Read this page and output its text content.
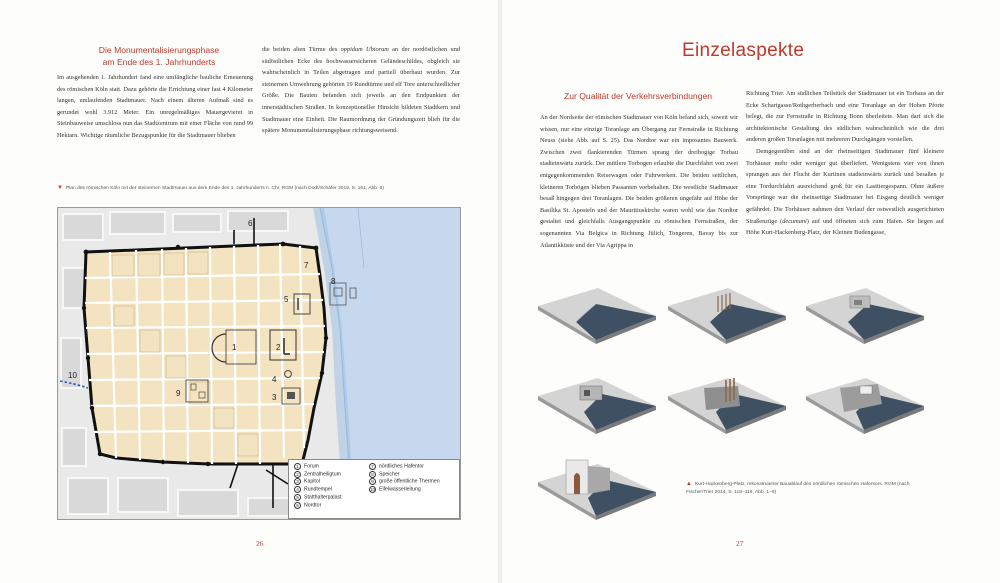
Die Monumentalisierungsphase
am Ende des 1. Jahrhunderts

Im ausgehenden 1. Jahrhundert fand eine umfängliche bauliche Erneuerung des römischen Köln statt. Dazu gehörte die Errichtung einer fast 4 Kilometer langen, umlaufenden Stadtmauer. Nach einem älteren Aufmaß sind es gerundet wohl 3.912 Meter. Ein unregelmäßiges Mauergevieret in Steinbauweise umschloss nun das Stadtzentrum mit einer Fläche von rund 99 Hektarn. Wichtige räumliche Bezugspunkte für die Stadtmauer blieben

die beiden alten Türme des oppidum Ubiorum an der nordöstlichen und südöstlichen Ecke des hochwassersicheren Geländeschildes, obgleich sie wahrscheinlich in Teilen abgetragen und partiell überbaut wurden. Zur steinernen Umwehrung gehörten 19 Rundtürme und elf Tore unterschiedlicher Größe. Die Bauten befanden sich jeweils an den Endpunkten der innerstädtischen Straßen. In konzeptioneller Hinsicht bildeten Stadtkern und Stadtmauer eine Einheit. Die Raumordnung der Gründungszeit blieb für die spätere Monumentalisierungsphase richtungsweisend.

▼ Plan des römischen Köln mit der steinernen Stadtmauer aus dem Ende des 1. Jahrhunderts n. Chr. RGM (nach Dodt/Schäfer 2019, S. 161, Abb. 5)
1	2
3
4
5
6
7
8
9
10
1 Forum
2 Zentralheiligtum
3 Kapitol
4 Rundtempel
5 Statthalterpalast
6 Nordtor
7 nördliches Hafentor
8 Speicher
9 große öffentliche Thermen
10 Eifelwasserleitung
26
Einzelaspekte
Zur Qualität der Verkehrsverbindungen

An der Nordseite der römischen Stadtmauer von Köln befand sich, soweit wir wissen, nur eine einzige Toranlage am Übergang zur Fernstraße in Richtung Neuss (siehe Abb. auf S. 25). Das Nordtor war ein imposantes Bauwerk. Zwischen zwei flankierenden Türmen sprang der dreibogige Torbau stadteinwärts zurück. Der mittlere Torbogen erlaubte die Durchfahrt von zwei entgegenkommenden Reisewagen oder Fuhrwerken. Die beiden seitlichen, kleineren Torbögen blieben Passanten vorbehalten. Die westliche Stadtmauer besaß hingegen drei Toranlagen. Die beiden größeren ungefähr auf Höhe der Basilika St. Aposteln und der Mauritiuskirche waren wohl wie das Nordtor gestaltet und gleichfalls Ausgangspunkte zu römischen Fernstraßen, der sogenannten Via Belgica in Richtung Jülich, Tongeren, Bavay bis zur Atlantikküste und der Via Agrippa in

Richtung Trier. Am südlichen Teilstück der Stadtmauer ist ein Torhaus an der Ecke Schartgasse/Rothgerberbach und eine Toranlage an der Hohen Pforte belegt, die zur Fernstraße in Richtung Bonn überleitete. Man darf sich die architektonische Gestaltung des südlichen wahrscheinlich wie die drei anderen großen Toranlagen mit mehreren Durchgängen vorstellen.

Demgegenüber sind an der rheinseitigen Stadtmauer fünf kleinere Torhäuser mehr oder weniger gut überliefert. Wenigstens vier von ihnen sprangen aus der Flucht der Kurtinen stadteinwärts zurück und besaßen je eine Tordurchfahrt ausreichend groß für ein Lasttiergespann. Ohne äußere Vorsprünge war die rheinseitige Stadtmauer bei Eisgang deutlich weniger gefährdet. Die Torhäuser nahmen den Verlauf der ostwestlich ausgerichteten Straßenzüge (decumani) auf und öffneten sich zum Hafen. Sie liegen auf Höhe Kurt-Hackenberg-Platz, der Kleinen Budengasse,

▲ Kurt-Hackenberg-Platz, rekonstruierter Bauablauf des nördlichen römischen Hafentors. RGM (nach Fischer/Trier 2014, S. 118–119, Abb. 1–8)
27
